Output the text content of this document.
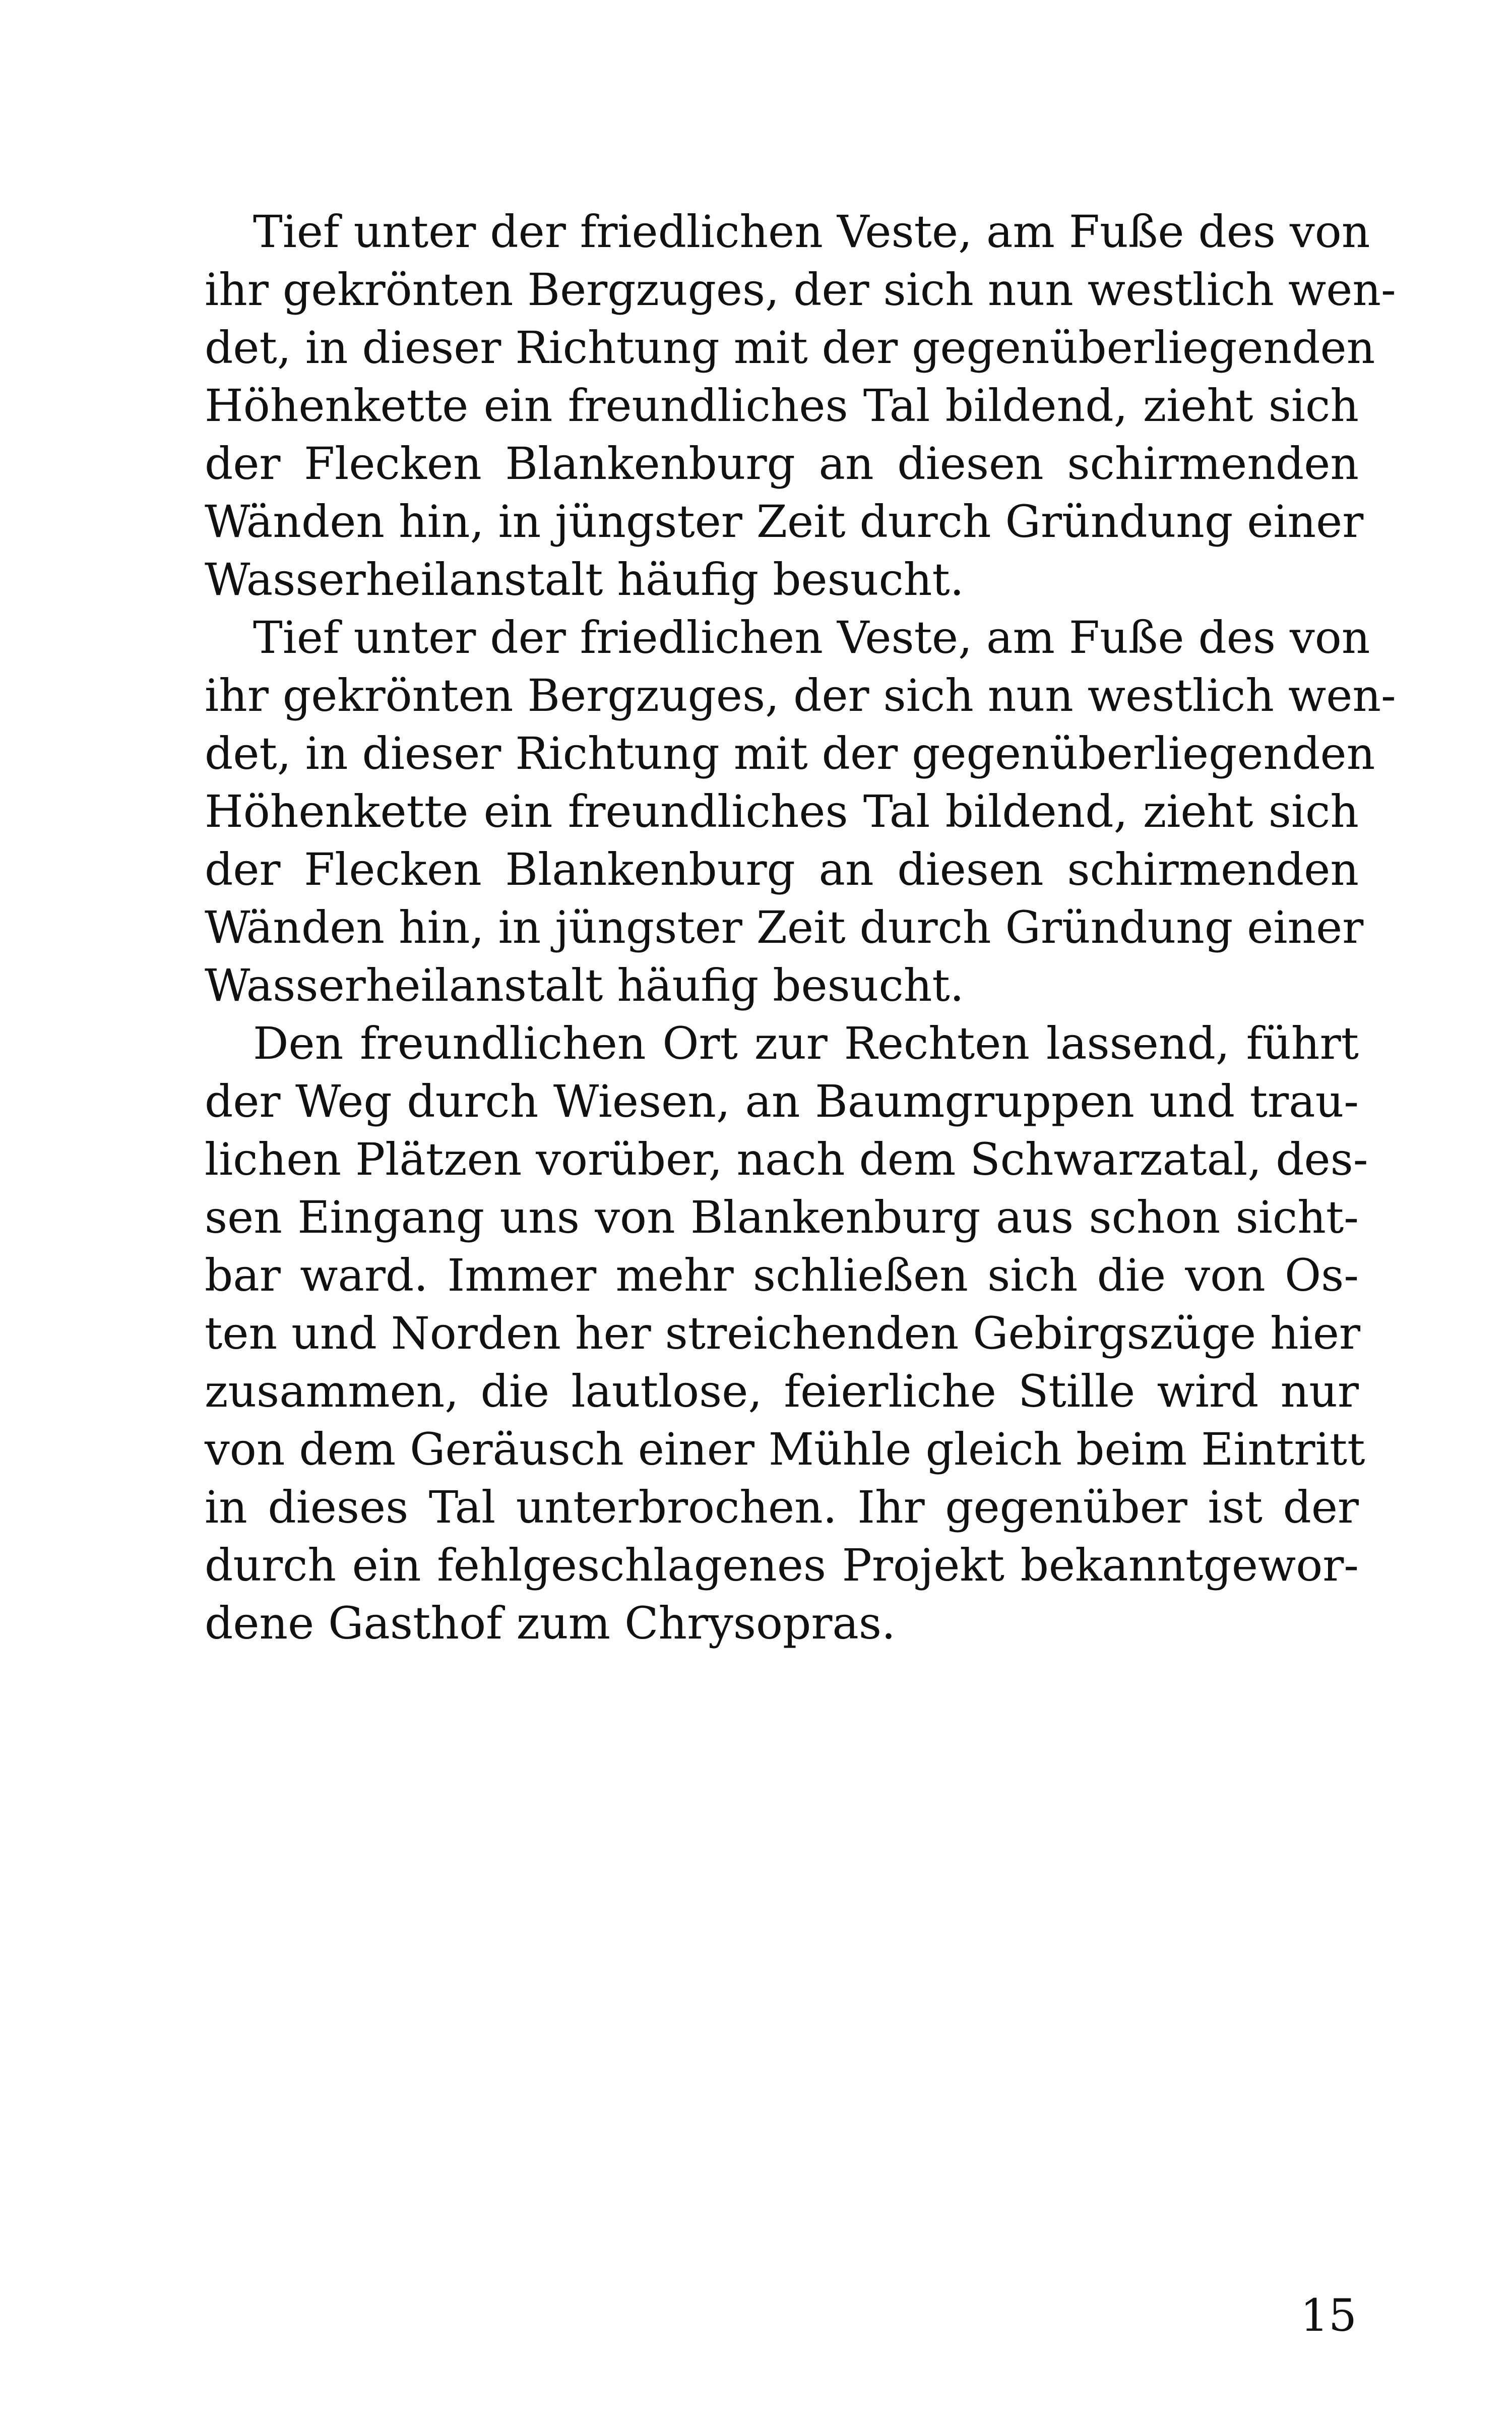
Tief unter der friedlichen Veste, am Fuße des von
ihr gekrönten Bergzuges, der sich nun westlich wen-
det, in dieser Richtung mit der gegenüberliegenden
Höhenkette ein freundliches Tal bildend, zieht sich
der Flecken Blankenburg an diesen schirmenden
Wänden hin, in jüngster Zeit durch Gründung einer
Wasserheilanstalt häufig besucht.

Tief unter der friedlichen Veste, am Fuße des von
ihr gekrönten Bergzuges, der sich nun westlich wen-
det, in dieser Richtung mit der gegenüberliegenden
Höhenkette ein freundliches Tal bildend, zieht sich
der Flecken Blankenburg an diesen schirmenden
Wänden hin, in jüngster Zeit durch Gründung einer
Wasserheilanstalt häufig besucht.

Den freundlichen Ort zur Rechten lassend, führt
der Weg durch Wiesen, an Baumgruppen und trau-
lichen Plätzen vorüber, nach dem Schwarzatal, des-
sen Eingang uns von Blankenburg aus schon sicht-
bar ward. Immer mehr schließen sich die von Os-
ten und Norden her streichenden Gebirgszüge hier
zusammen, die lautlose, feierliche Stille wird nur
von dem Geräusch einer Mühle gleich beim Eintritt
in dieses Tal unterbrochen. Ihr gegenüber ist der
durch ein fehlgeschlagenes Projekt bekanntgewor-
dene Gasthof zum Chrysopras.

15
